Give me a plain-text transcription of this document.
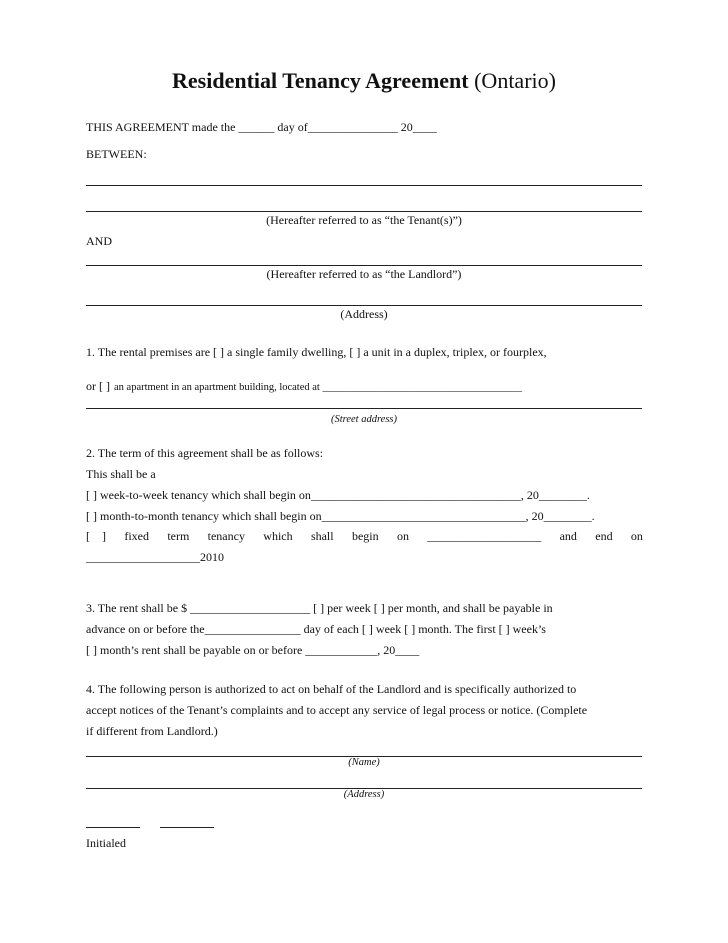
Residential Tenancy Agreement (Ontario)
THIS AGREEMENT made the ______ day of_______________ 20____
BETWEEN:
(Hereafter referred to as “the Tenant(s)”)
AND
(Hereafter referred to as “the Landlord”)
(Address)
1. The rental premises are [ ] a single family dwelling, [ ] a unit in a duplex, triplex, or fourplex,
or [ ] an apartment in an apartment building, located at ______________________________________
(Street address)
2. The term of this agreement shall be as follows:
This shall be a
[ ] week-to-week tenancy which shall begin on___________________________________, 20________.
[ ] month-to-month tenancy which shall begin on__________________________________, 20________.
[    ] fixed term tenancy which shall begin on ___________________ and end on
___________________2010
3. The rent shall be $ ____________________ [ ] per week [ ] per month, and shall be payable in
advance on or before the________________ day of each [ ] week [ ] month. The first [ ] week’s
[ ] month’s rent shall be payable on or before ____________, 20____
4. The following person is authorized to act on behalf of the Landlord and is specifically authorized to
accept notices of the Tenant’s complaints and to accept any service of legal process or notice. (Complete
if different from Landlord.)
(Name)
(Address)
Initialed
